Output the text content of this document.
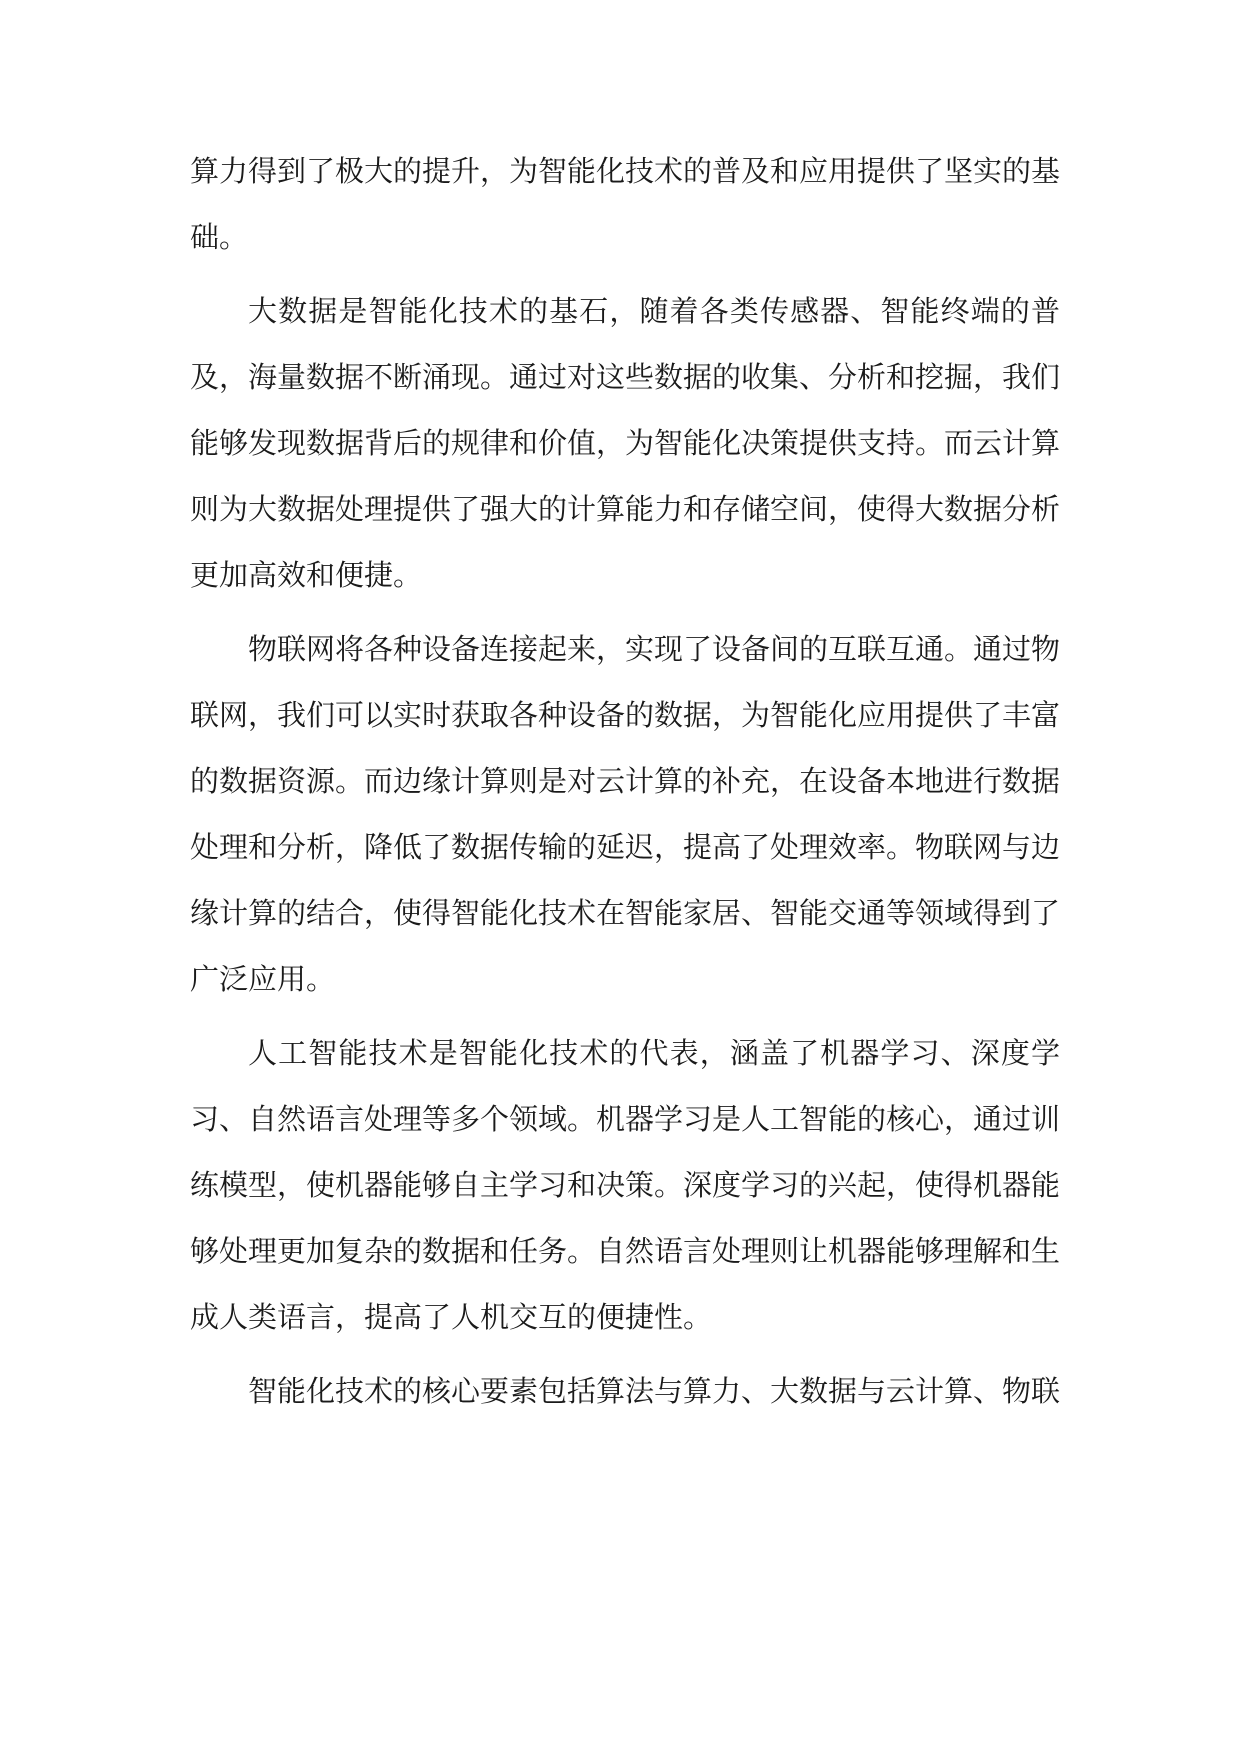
算力得到了极大的提升，为智能化技术的普及和应用提供了坚实的基础。

大数据是智能化技术的基石，随着各类传感器、智能终端的普及，海量数据不断涌现。通过对这些数据的收集、分析和挖掘，我们能够发现数据背后的规律和价值，为智能化决策提供支持。而云计算则为大数据处理提供了强大的计算能力和存储空间，使得大数据分析更加高效和便捷。

物联网将各种设备连接起来，实现了设备间的互联互通。通过物联网，我们可以实时获取各种设备的数据，为智能化应用提供了丰富的数据资源。而边缘计算则是对云计算的补充，在设备本地进行数据处理和分析，降低了数据传输的延迟，提高了处理效率。物联网与边缘计算的结合，使得智能化技术在智能家居、智能交通等领域得到了广泛应用。

人工智能技术是智能化技术的代表，涵盖了机器学习、深度学习、自然语言处理等多个领域。机器学习是人工智能的核心，通过训练模型，使机器能够自主学习和决策。深度学习的兴起，使得机器能够处理更加复杂的数据和任务。自然语言处理则让机器能够理解和生成人类语言，提高了人机交互的便捷性。

智能化技术的核心要素包括算法与算力、大数据与云计算、物联
